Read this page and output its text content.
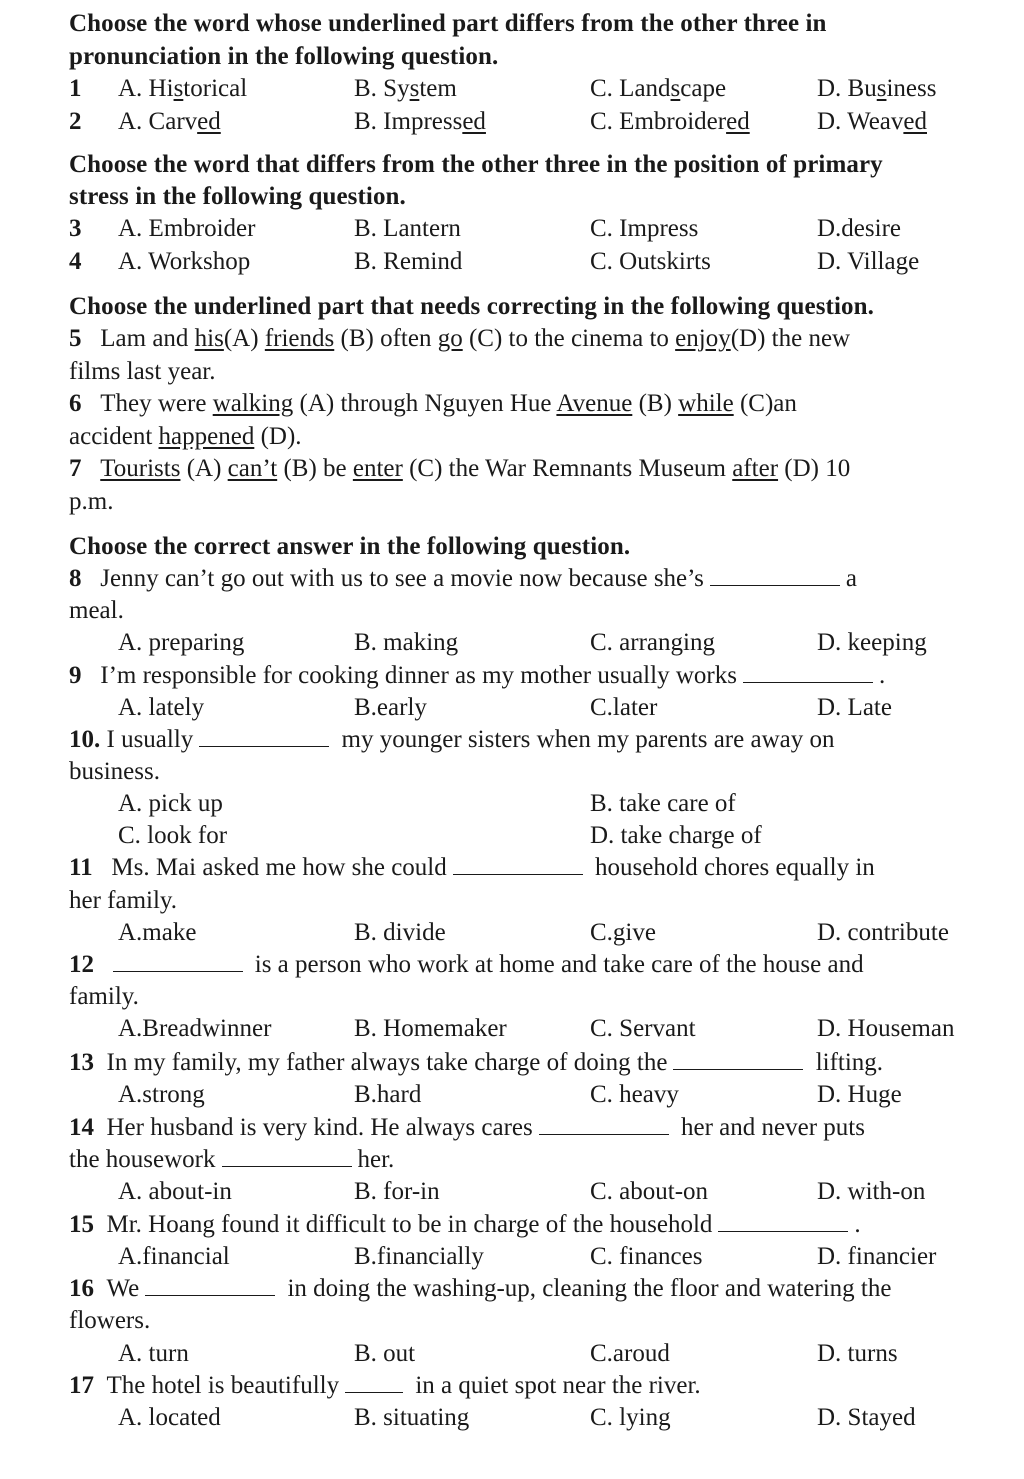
Choose the word whose underlined part differs from the other three in
pronunciation in the following question.
1 A. Historical	B. System	C. Landscape	D. Business
2 A. Carved	B. Impressed	C. Embroidered	D. Weaved
Choose the word that differs from the other three in the position of primary
stress in the following question.
3 A. Embroider	B. Lantern	C. Impress	D.desire
4 A. Workshop	B. Remind	C. Outskirts	D. Village
Choose the underlined part that needs correcting in the following question.
5 Lam and his(A) friends (B) often go (C) to the cinema to enjoy(D) the new
films last year.
6 They were walking (A) through Nguyen Hue Avenue (B) while (C)an
accident happened (D).
7 Tourists (A) can’t (B) be enter (C) the War Remnants Museum after (D) 10
p.m.
Choose the correct answer in the following question.
8 Jenny can’t go out with us to see a movie now because she’s	a
meal.
A. preparing	B. making	C. arranging	D. keeping
9 I’m responsible for cooking dinner as my mother usually works	.
A. lately	B.early	C.later	D. Late
10. I usually	my younger sisters when my parents are away on
business.
A. pick up	B. take care of
C. look for	D. take charge of
11 Ms. Mai asked me how she could	household chores equally in
her family.
A.make	B. divide	C.give	D. contribute
12	is a person who work at home and take care of the house and
family.
A.Breadwinner	B. Homemaker	C. Servant	D. Houseman
13 In my family, my father always take charge of doing the	lifting.
A.strong	B.hard	C. heavy	D. Huge
14 Her husband is very kind. He always cares	her and never puts
the housework	her.
A. about-in	B. for-in	C. about-on	D. with-on
15 Mr. Hoang found it difficult to be in charge of the household	.
A.financial	B.financially	C. finances	D. financier
16 We	in doing the washing-up, cleaning the floor and watering the
flowers.
A. turn	B. out	C.aroud	D. turns
17 The hotel is beautifully	in a quiet spot near the river.
A. located	B. situating	C. lying	D. Stayed
